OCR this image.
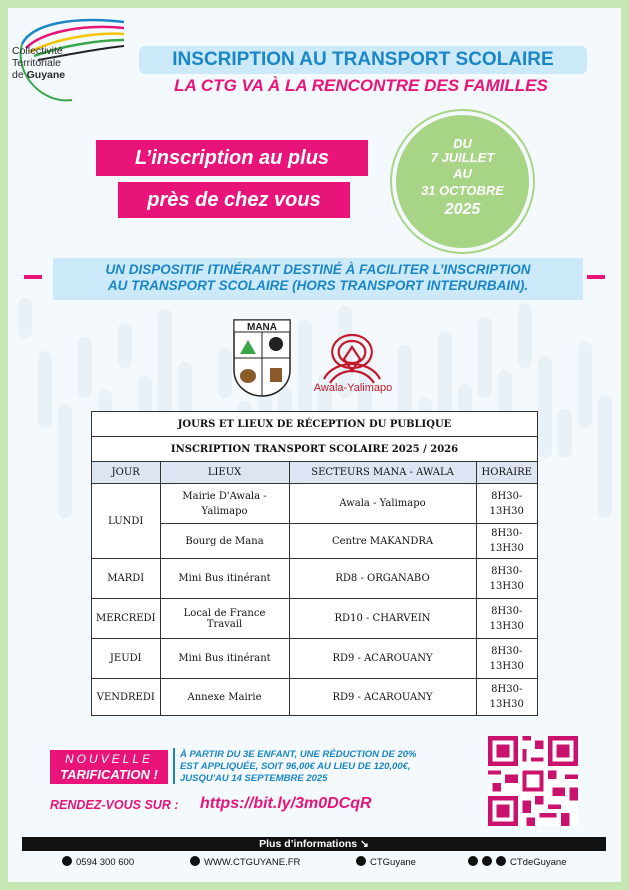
Collectivité
Territoriale
de Guyane
INSCRIPTION AU TRANSPORT SCOLAIRE
LA CTG VA À LA RENCONTRE DES FAMILLES
L’inscription au plus
près de chez vous
DU
7 JUILLET
AU
31 OCTOBRE
2025
UN DISPOSITIF ITINÉRANT DESTINÉ À FACILITER L’INSCRIPTION
AU TRANSPORT SCOLAIRE (HORS TRANSPORT INTERURBAIN).
MANA
Awala-Yalimapo
JOURS ET LIEUX DE RÉCEPTION DU PUBLIQUE			
INSCRIPTION TRANSPORT SCOLAIRE 2025 / 2026			
JOUR	LIEUX	SECTEURS MANA - AWALA	HORAIRE
LUNDI	Mairie D'Awala - Yalimapo	Awala - Yalimapo	8H30-13H30
	Bourg de Mana	Centre MAKANDRA	8H30-13H30
MARDI	Mini Bus itinérant	RD8 - ORGANABO	8H30-13H30
MERCREDI	Local de France Travail	RD10 - CHARVEIN	8H30-13H30
JEUDI	Mini Bus itinérant	RD9 - ACAROUANY	8H30-13H30
VENDREDI	Annexe Mairie	RD9 - ACAROUANY	8H30-13H30
NOUVELLE
TARIFICATION !
À PARTIR DU 3E ENFANT, UNE RÉDUCTION DE 20%
EST APPLIQUÉE, SOIT 96,00€ AU LIEU DE 120,00€,
JUSQU'AU 14 SEPTEMBRE 2025
RENDEZ-VOUS SUR : https://bit.ly/3m0DCqR
Plus d’informations ↘
0594 300 600	WWW.CTGUYANE.FR	CTGuyane	CTdeGuyane
